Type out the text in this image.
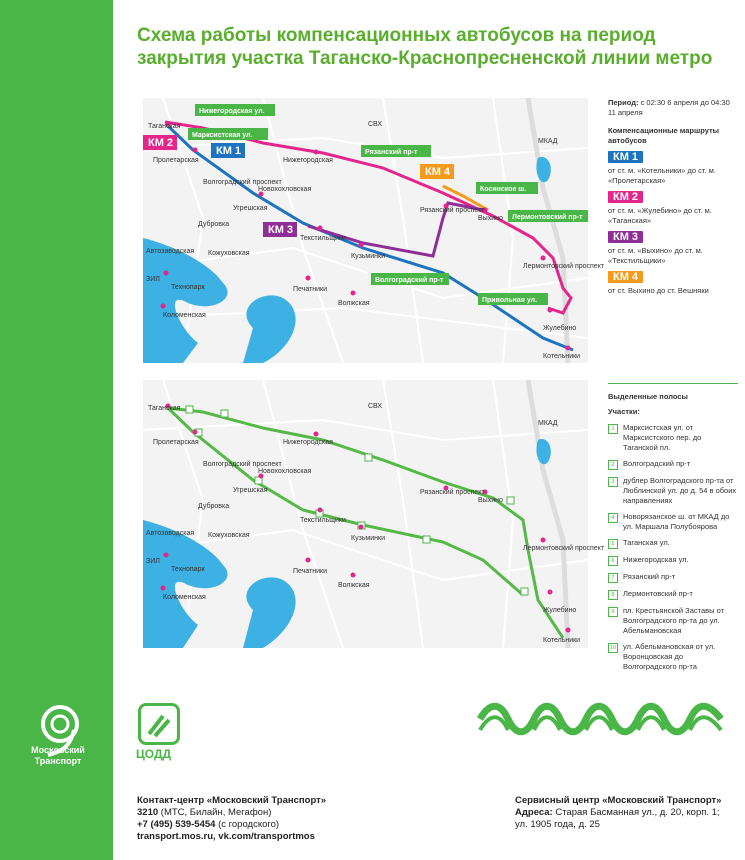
Московский Транспорт
Схема работы компенсационных автобусов на период закрытия участка Таганско-Краснопресненской линии метро
Таганская
Пролетарская
Волгоградский проспект
Угрешская
Новохохловская
Нижегородская
Дубровка
Кожуховская
Автозаводская
ЗИЛ
Технопарк
Коломенская
Печатники
Текстильщики
Кузьминки
Волжская
Рязанский проспект
Выхино
Лермонтовский проспект
Жулебино
Котельники
СВХ
МКАД
Нижегородская ул.
Марксистская ул.
Рязанский пр-т
Косинское ш.
Лермонтовский пр-т
Волгоградский пр-т
Привольная ул.
КМ 1
КМ 2
КМ 3
КМ 4
Таганская
Пролетарская
Волгоградский проспект
Угрешская
Новохохловская
Нижегородская
Дубровка
Кожуховская
Автозаводская
ЗИЛ
Технопарк
Коломенская
Печатники
Текстильщики
Кузьминки
Волжская
Рязанский проспект
Выхино
Лермонтовский проспект
Жулебино
Котельники
СВХ
МКАД
Период: с 02:30 6 апреля до 04:30 11 апреля
Компенсационные маршруты автобусов
КМ 1
от ст. м. «Котельники» до ст. м. «Пролетарская»
КМ 2
от ст. м. «Жулебино» до ст. м. «Таганская»
КМ 3
от ст. м. «Выхино» до ст. м. «Текстильщики»
КМ 4
от ст. Выхино до ст. Вешняки
Выделенные полосы
Участки:
1	Марксистская ул. от Марксистского пер. до Таганской пл.
2	Волгоградский пр-т
3	дублер Волгоградского пр-та от Люблинской ул. до д. 54 в обоих направлениях
4	Новорязанское ш. от МКАД до ул. Маршала Полубоярова
5	Таганская ул.
6	Нижегородская ул.
7	Рязанский пр-т
8	Лермонтовский пр-т
9	пл. Крестьянской Заставы от Волгоградского пр-та до ул. Абельмановская
10 ул. Абельмановская от ул. Воронцовская до Волгоградского пр-та
ЦОДД
Контакт-центр «Московский Транспорт»
3210 (МТС, Билайн, Мегафон)
+7 (495) 539-5454 (с городского)
transport.mos.ru, vk.com/transportmos
Сервисный центр «Московский Транспорт»
Адреса: Старая Басманная ул., д. 20, корп. 1;
ул. 1905 года, д. 25
